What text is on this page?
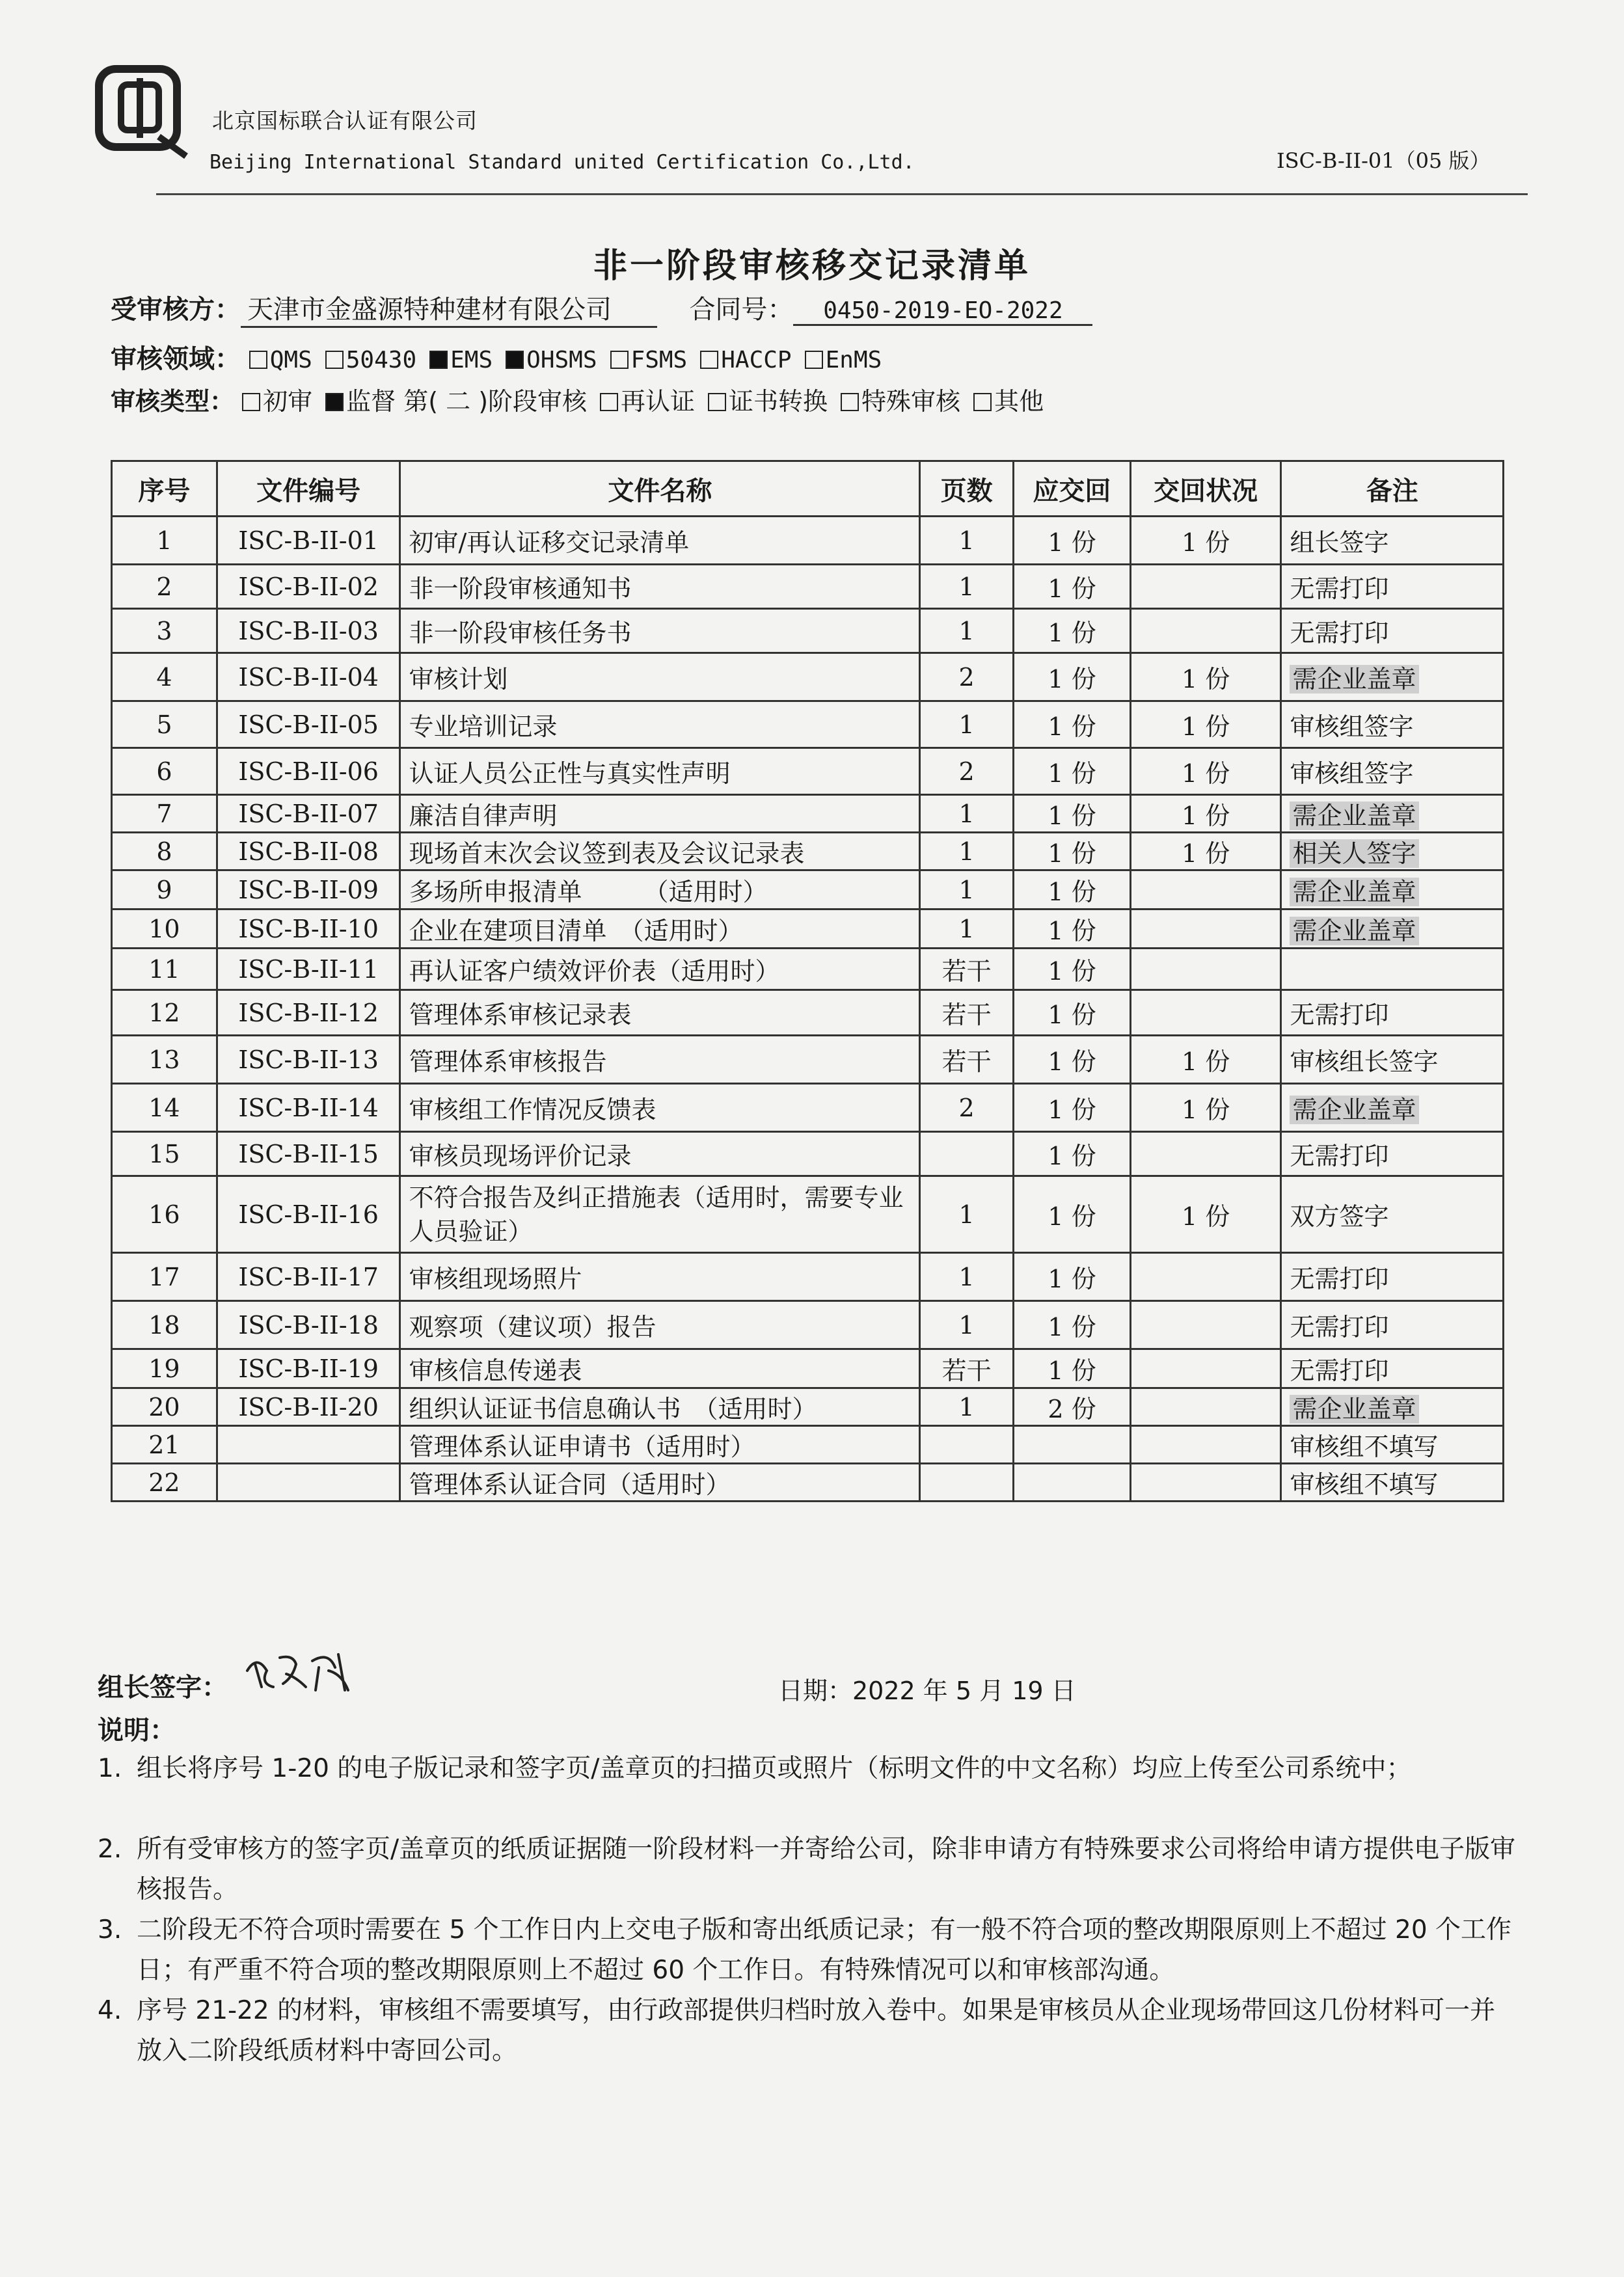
北京国标联合认证有限公司
Beijing International Standard united Certification Co.,Ltd.	ISC-B-II-01（05 版）
非一阶段审核移交记录清单
受审核方： 天津市金盛源特种建材有限公司	合同号： 0450-2019-EO-2022
审核领域： QMS 50430 EMS OHSMS FSMS HACCP EnMS
审核类型： 初审 监督 第( 二 )阶段审核 再认证 证书转换 特殊审核 其他
序号	文件编号	文件名称	页数	应交回	交回状况	备注
1	ISC-B-II-01	初审/再认证移交记录清单	1	1 份	1 份	组长签字
2	ISC-B-II-02	非一阶段审核通知书	1	1 份		无需打印
3	ISC-B-II-03	非一阶段审核任务书	1	1 份		无需打印
4	ISC-B-II-04	审核计划	2	1 份	1 份	需企业盖章
5	ISC-B-II-05	专业培训记录	1	1 份	1 份	审核组签字
6	ISC-B-II-06	认证人员公正性与真实性声明	2	1 份	1 份	审核组签字
7	ISC-B-II-07	廉洁自律声明	1	1 份	1 份	需企业盖章
8	ISC-B-II-08	现场首末次会议签到表及会议记录表	1	1 份	1 份	相关人签字
9	ISC-B-II-09	多场所申报清单　　　（适用时）	1	1 份		需企业盖章
10	ISC-B-II-10	企业在建项目清单　（适用时）	1	1 份		需企业盖章
11	ISC-B-II-11	再认证客户绩效评价表（适用时）	若干	1 份		
12	ISC-B-II-12	管理体系审核记录表	若干	1 份		无需打印
13	ISC-B-II-13	管理体系审核报告	若干	1 份	1 份	审核组长签字
14	ISC-B-II-14	审核组工作情况反馈表	2	1 份	1 份	需企业盖章
15	ISC-B-II-15	审核员现场评价记录		1 份		无需打印
16	ISC-B-II-16	不符合报告及纠正措施表（适用时，需要专业人员验证）	1	1 份	1 份	双方签字
17	ISC-B-II-17	审核组现场照片	1	1 份		无需打印
18	ISC-B-II-18	观察项（建议项）报告	1	1 份		无需打印
19	ISC-B-II-19	审核信息传递表	若干	1 份		无需打印
20	ISC-B-II-20	组织认证证书信息确认书　（适用时）	1	2 份		需企业盖章
21		管理体系认证申请书（适用时）				审核组不填写
22		管理体系认证合同（适用时）				审核组不填写
组长签字：	日期：2022 年 5 月 19 日
说明：
1. 组长将序号 1-20 的电子版记录和签字页/盖章页的扫描页或照片（标明文件的中文名称）均应上传至公司系统中；
2. 所有受审核方的签字页/盖章页的纸质证据随一阶段材料一并寄给公司，除非申请方有特殊要求公司将给申请方提供电子版审核报告。
3. 二阶段无不符合项时需要在 5 个工作日内上交电子版和寄出纸质记录；有一般不符合项的整改期限原则上不超过 20 个工作日；有严重不符合项的整改期限原则上不超过 60 个工作日。有特殊情况可以和审核部沟通。
4. 序号 21-22 的材料，审核组不需要填写，由行政部提供归档时放入卷中。如果是审核员从企业现场带回这几份材料可一并放入二阶段纸质材料中寄回公司。
